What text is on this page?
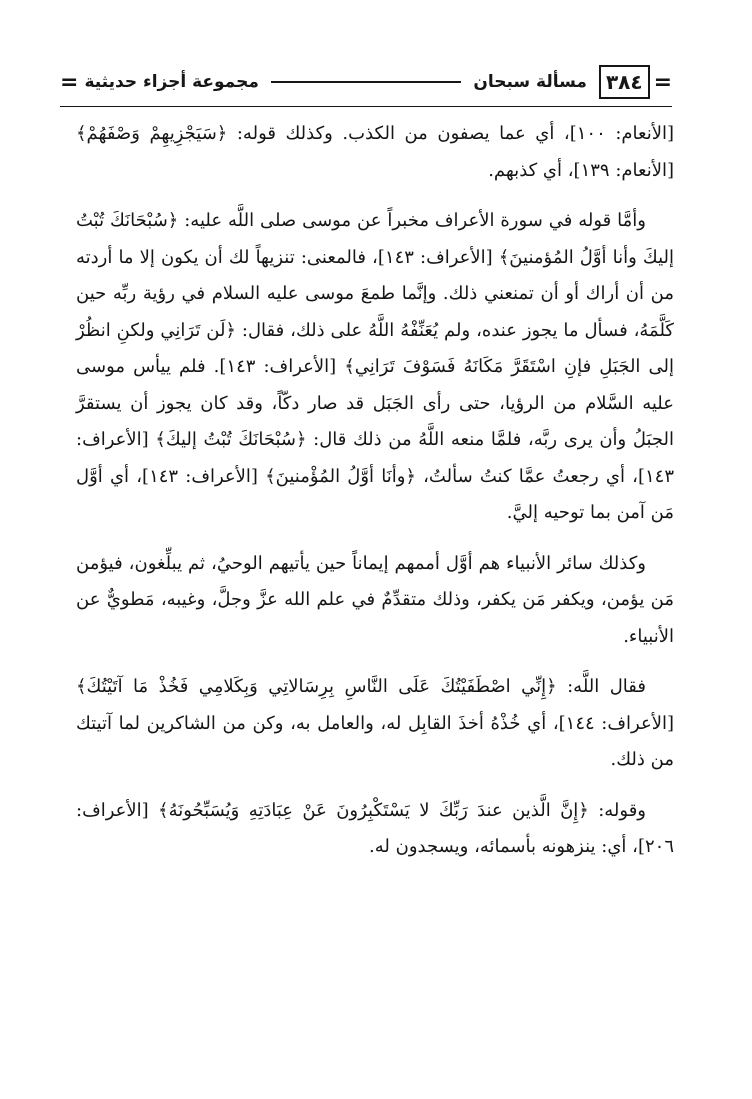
=
٣٨٤
مسألة سبحان
مجموعة أجزاء حديثية
=

[الأنعام: ١٠٠]، أي عما يصفون من الكذب. وكذلك قوله: ﴿سَيَجْزِيهِمْ وَصْفَهُمْ﴾ [الأنعام: ١٣٩]، أي كذبهم.

وأمَّا قوله في سورة الأعراف مخبراً عن موسى صلى اللَّه عليه: ﴿سُبْحَانَكَ تُبْتُ إليكَ وأنا أوَّلُ المُؤمنينَ﴾ [الأعراف: ١٤٣]، فالمعنى: تنزيهاً لك أن يكون إلا ما أردته من أن أراك أو أن تمنعني ذلك. وإنَّما طمعَ موسى عليه السلام في رؤية ربِّه حين كَلَّمَهُ، فسأل ما يجوز عنده، ولم يُعَنِّفْهُ اللَّهُ على ذلك، فقال: ﴿لَن تَرَانِي ولكنِ انظُرْ إلى الجَبَلِ فإنِ اسْتَقَرَّ مَكَانَهُ فَسَوْفَ تَرَانِي﴾ [الأعراف: ١٤٣]. فلم ييأس موسى عليه السَّلام من الرؤيا، حتى رأى الجَبَل قد صار دكّاً، وقد كان يجوز أن يستقرَّ الجبَلُ وأن يرى ربَّه، فلمَّا منعه اللَّهُ من ذلك قال: ﴿سُبْحَانَكَ تُبْتُ إليكَ﴾ [الأعراف: ١٤٣]، أي رجعتُ عمَّا كنتُ سألتُ، ﴿وأنَا أوَّلُ المُؤْمنينَ﴾ [الأعراف: ١٤٣]، أي أوَّل مَن آمن بما توحيه إليَّ.

وكذلك سائر الأنبياء هم أوَّل أممهم إيماناً حين يأتيهم الوحيُ، ثم يبلِّغون، فيؤمن مَن يؤمن، ويكفر مَن يكفر، وذلك متقدِّمٌ في علم الله عزَّ وجلَّ، وغيبه، مَطويٌّ عن الأنبياء.

فقال اللَّه: ﴿إِنِّي اصْطَفَيْتُكَ عَلَى النَّاسِ بِرِسَالاتِي وَبِكَلامِي فَخُذْ مَا آتَيْتُكَ﴾ [الأعراف: ١٤٤]، أي خُذْهُ أخذَ القابِل له، والعامل به، وكن من الشاكرين لما آتيتك من ذلك.

وقوله: ﴿إِنَّ الَّذين عندَ رَبِّكَ لا يَسْتَكْبِرُونَ عَنْ عِبَادَتِهِ وَيُسَبِّحُونَهُ﴾ [الأعراف: ٢٠٦]، أي: ينزهونه بأسمائه، ويسجدون له.
